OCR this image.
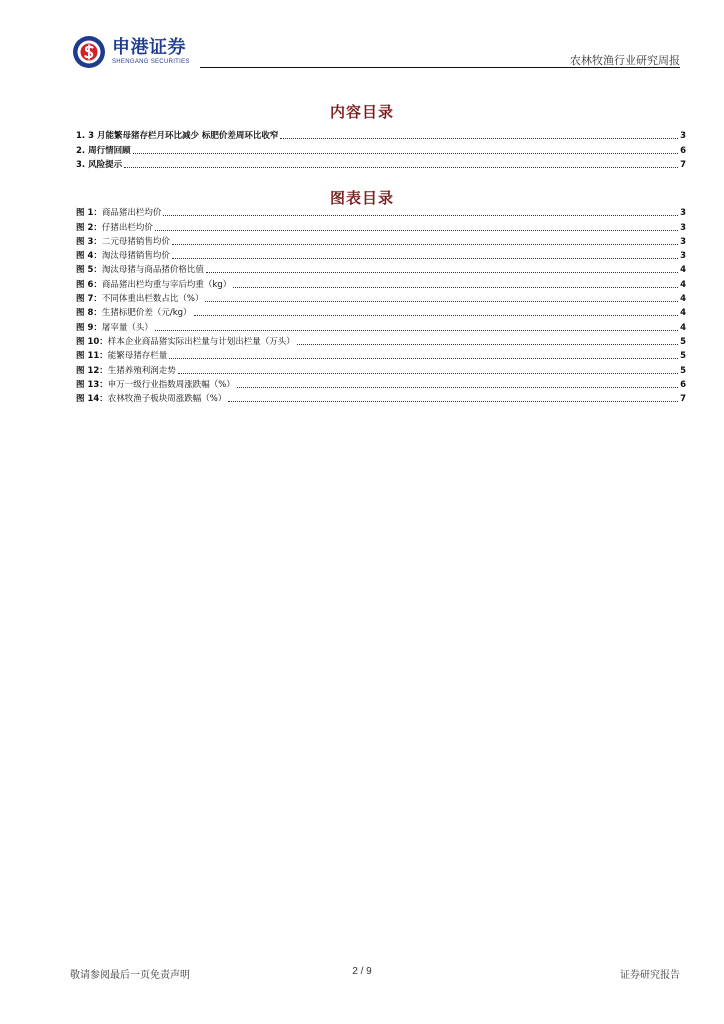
申港证券
SHENGANG SECURITIES	农林牧渔行业研究周报
内容目录
1. 3 月能繁母猪存栏月环比减少 标肥价差周环比收窄	3
2. 周行情回顾	6
3. 风险提示	7
图表目录
图 1：商品猪出栏均价	3
图 2：仔猪出栏均价	3
图 3：二元母猪销售均价	3
图 4：淘汰母猪销售均价	3
图 5：淘汰母猪与商品猪价格比值	4
图 6：商品猪出栏均重与宰后均重（kg）	4
图 7：不同体重出栏数占比（%）	4
图 8：生猪标肥价差（元/kg）	4
图 9：屠宰量（头）	4
图 10：样本企业商品猪实际出栏量与计划出栏量（万头）	5
图 11：能繁母猪存栏量	5
图 12：生猪养殖利润走势	5
图 13：申万一级行业指数周涨跌幅（%）	6
图 14：农林牧渔子板块周涨跌幅（%）	7
敬请参阅最后一页免责声明	2 / 9	证券研究报告
